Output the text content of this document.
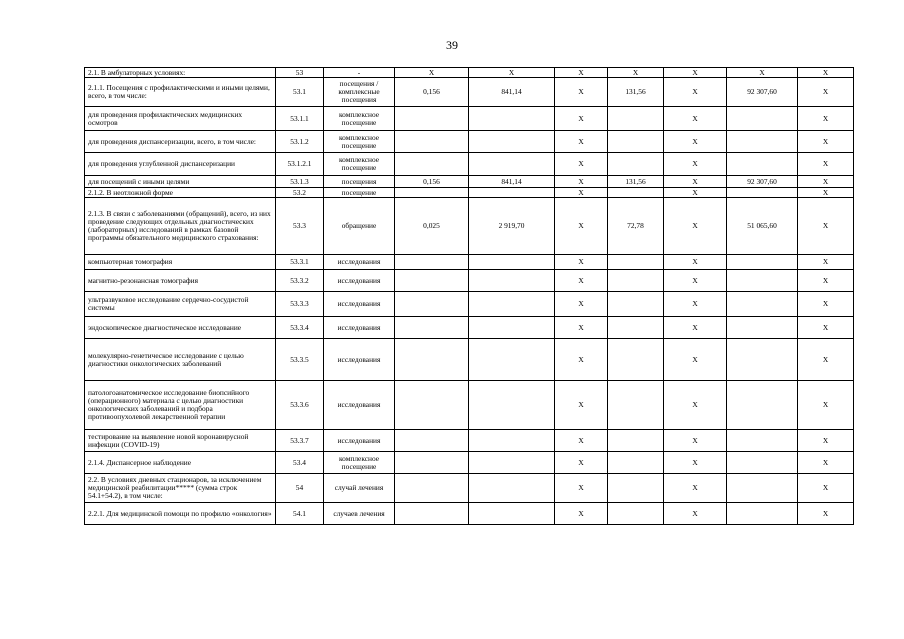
39
2.1. В амбулаторных условиях:	53	-	X	X	X	X	X	X	X
2.1.1. Посещения с профилактическими и иными целями, всего, в том числе:	53.1	посещения / комплексные посещения	0,156	841,14	X	131,56	X	92 307,60	X
для проведения профилактических медицинских осмотров	53.1.1	комплексное посещение			X		X		X
для проведения диспансеризации, всего, в том числе:	53.1.2	комплексное посещение			X		X		X
для проведения углубленной диспансеризации	53.1.2.1	комплексное посещение			X		X		X
для посещений с иными целями	53.1.3	посещения	0,156	841,14	X	131,56	X	92 307,60	X
2.1.2. В неотложной форме	53.2	посещение			X		X		X
2.1.3. В связи с заболеваниями (обращений), всего, из них проведение следующих отдельных диагностических (лабораторных) исследований в рамках базовой программы обязательного медицинского страхования:	53.3	обращение	0,025	2 919,70	X	72,78	X	51 065,60	X
компьютерная томография	53.3.1	исследования			X		X		X
магнитно-резонансная томография	53.3.2	исследования			X		X		X
ультразвуковое исследование сердечно-сосудистой системы	53.3.3	исследования			X		X		X
эндоскопическое диагностическое исследование	53.3.4	исследования			X		X		X
молекулярно-генетическое исследование с целью диагностики онкологических заболеваний	53.3.5	исследования			X		X		X
патологоанатомическое исследование биопсийного (операционного) материала с целью диагностики онкологических заболеваний и подбора противоопухолевой лекарственной терапии	53.3.6	исследования			X		X		X
тестирование на выявление новой коронавирусной инфекции (COVID-19)	53.3.7	исследования			X		X		X
2.1.4. Диспансерное наблюдение	53.4	комплексное посещение			X		X		X
2.2. В условиях дневных стационаров, за исключением медицинской реабилитации***** (сумма строк 54.1+54.2), в том числе:	54	случай лечения			X		X		X
2.2.1. Для медицинской помощи по профилю «онкология»	54.1	случаев лечения			X		X		X
